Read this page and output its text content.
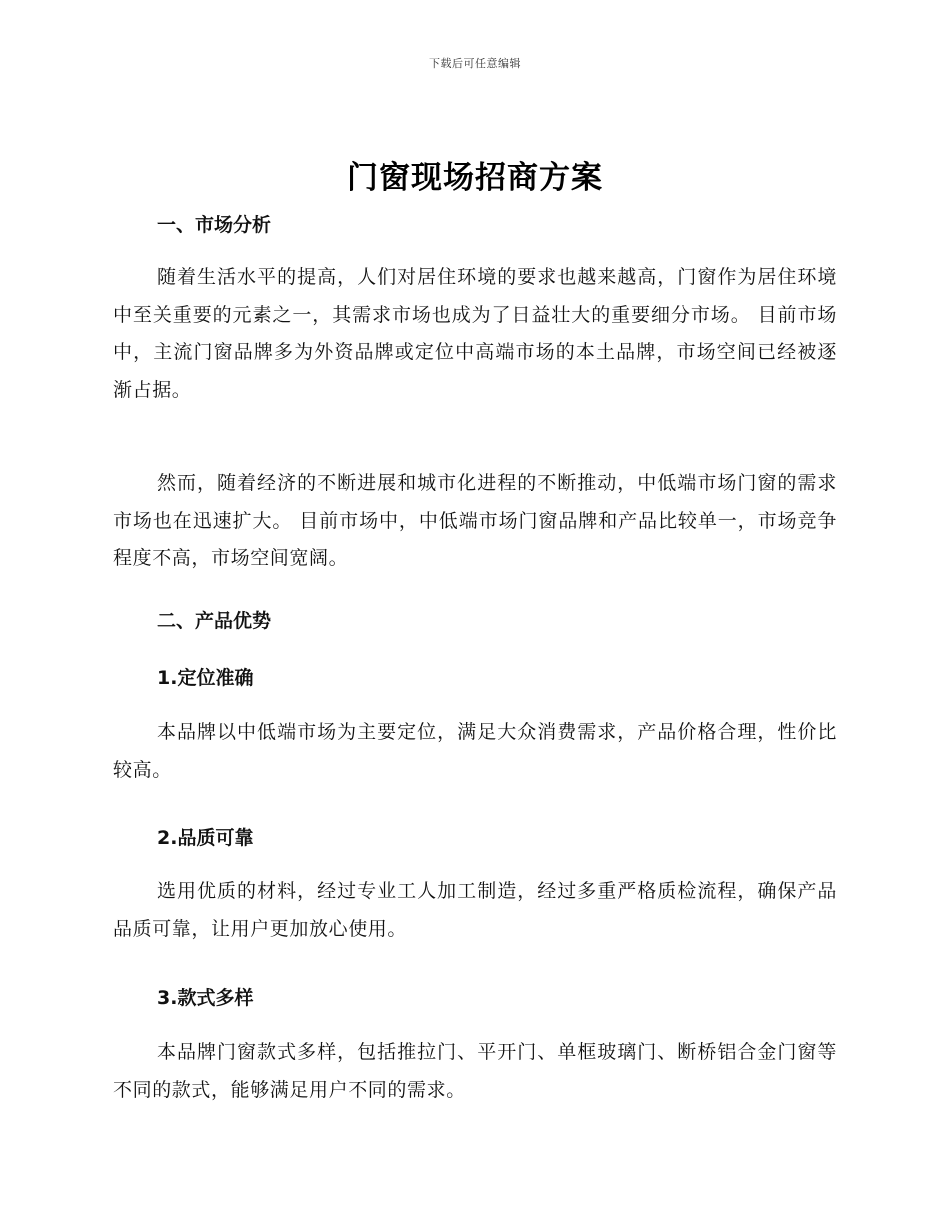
下载后可任意编辑
门窗现场招商方案
一、市场分析
随着生活水平的提高，人们对居住环境的要求也越来越高，门窗作为居住环境中至关重要的元素之一，其需求市场也成为了日益壮大的重要细分市场。 目前市场中，主流门窗品牌多为外资品牌或定位中高端市场的本土品牌，市场空间已经被逐渐占据。
然而，随着经济的不断进展和城市化进程的不断推动，中低端市场门窗的需求市场也在迅速扩大。 目前市场中，中低端市场门窗品牌和产品比较单一，市场竞争程度不高，市场空间宽阔。
二、产品优势
1.定位准确
本品牌以中低端市场为主要定位，满足大众消费需求，产品价格合理，性价比较高。
2.品质可靠
选用优质的材料，经过专业工人加工制造，经过多重严格质检流程，确保产品品质可靠，让用户更加放心使用。
3.款式多样
本品牌门窗款式多样，包括推拉门、平开门、单框玻璃门、断桥铝合金门窗等不同的款式，能够满足用户不同的需求。
